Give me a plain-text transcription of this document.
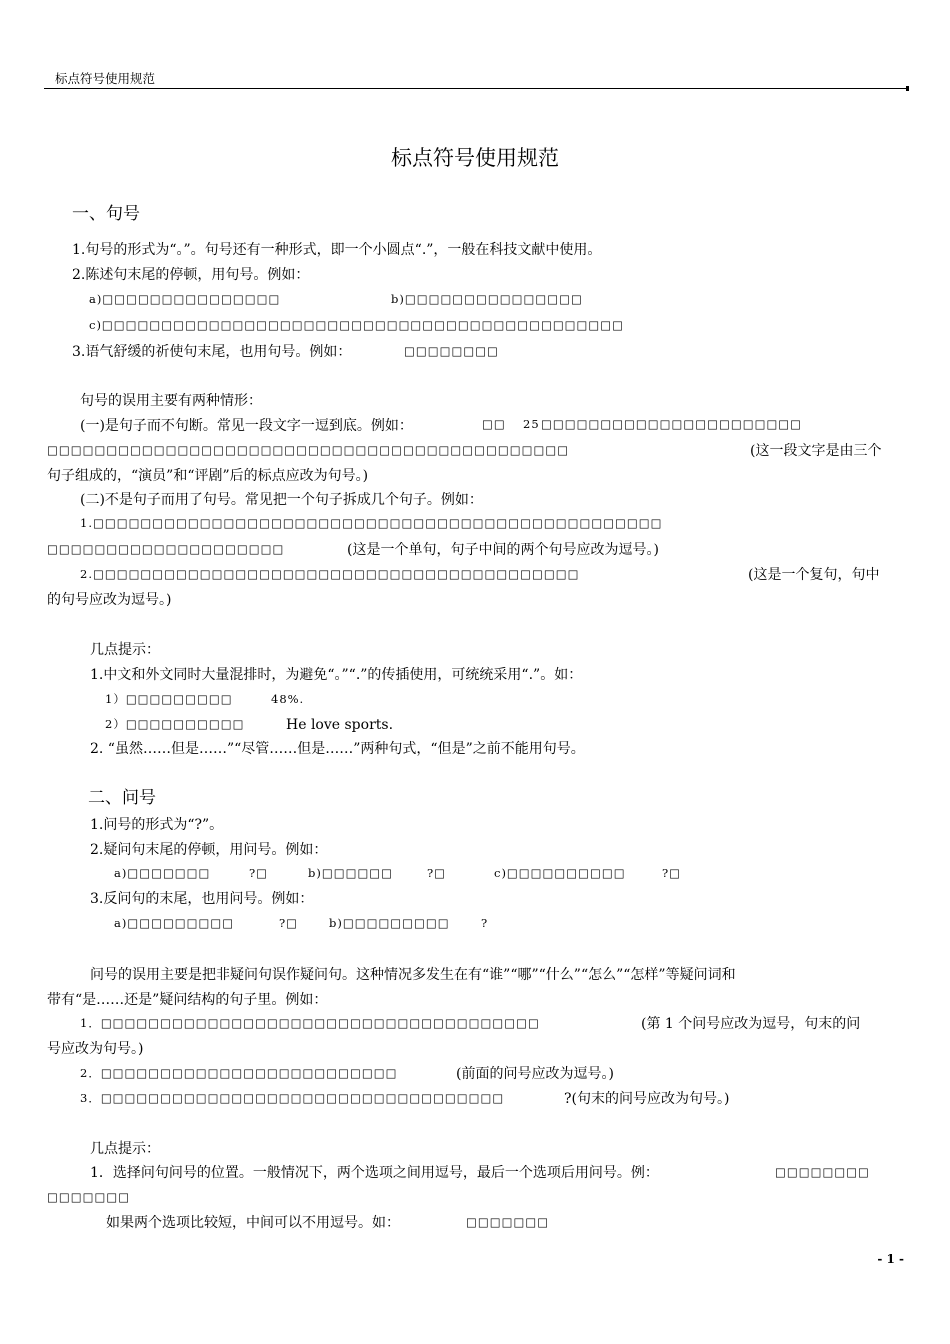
标点符号使用规范
标点符号使用规范
一、句号
1.句号的形式为“。”。句号还有一种形式，即一个小圆点“.”，一般在科技文献中使用。
2.陈述句末尾的停顿，用句号。例如：
a)□□□□□□□□□□□□□□□	b)□□□□□□□□□□□□□□□
c)□□□□□□□□□□□□□□□□□□□□□□□□□□□□□□□□□□□□□□□□□□□□
3.语气舒缓的祈使句末尾，也用句号。例如：	□□□□□□□□
句号的误用主要有两种情形：
(一)是句子而不句断。常见一段文字一逗到底。例如：	□□ 25 □□□□□□□□□□□□□□□□□□□□□□
□□□□□□□□□□□□□□□□□□□□□□□□□□□□□□□□□□□□□□□□□□□□	(这一段文字是由三个
句子组成的，“演员”和“评剧”后的标点应改为句号。)
(二)不是句子而用了句号。常见把一个句子拆成几个句子。例如：
1.□□□□□□□□□□□□□□□□□□□□□□□□□□□□□□□□□□□□□□□□□□□□□□□□
□□□□□□□□□□□□□□□□□□□□	(这是一个单句，句子中间的两个句号应改为逗号。)
2.□□□□□□□□□□□□□□□□□□□□□□□□□□□□□□□□□□□□□□□□□	(这是一个复句，句中
的句号应改为逗号。)
几点提示：
1.中文和外文同时大量混排时，为避免“。”“.”的传插使用，可统统采用“.”。如：
1）□□□□□□□□□	48%.
2）□□□□□□□□□□	He love sports.
2. “虽然……但是……”“尽管……但是……”两种句式，“但是”之前不能用句号。
二、问号
1.问号的形式为“?”。
2.疑问句末尾的停顿，用问号。例如：
a)□□□□□□□	?□	b)□□□□□□	?□	c)□□□□□□□□□□	?□
3.反问句的末尾，也用问号。例如：
a)□□□□□□□□□	?□	b)□□□□□□□□□	?
问号的误用主要是把非疑问句误作疑问句。这种情况多发生在有“谁”“哪”“什么”“怎么”“怎样”等疑问词和
带有“是……还是”疑问结构的句子里。例如：
1．□□□□□□□□□□□□□□□□□□□□□□□□□□□□□□□□□□□□□	(第 1 个问号应改为逗号，句末的问
号应改为句号。)
2．□□□□□□□□□□□□□□□□□□□□□□□□□	(前面的问号应改为逗号。)
3．□□□□□□□□□□□□□□□□□□□□□□□□□□□□□□□□□□	?(句末的问号应改为句号。)
几点提示：
1．选择问句问号的位置。一般情况下，两个选项之间用逗号，最后一个选项后用问号。例：	□□□□□□□□
□□□□□□□
如果两个选项比较短，中间可以不用逗号。如：	□□□□□□□
- 1 -
